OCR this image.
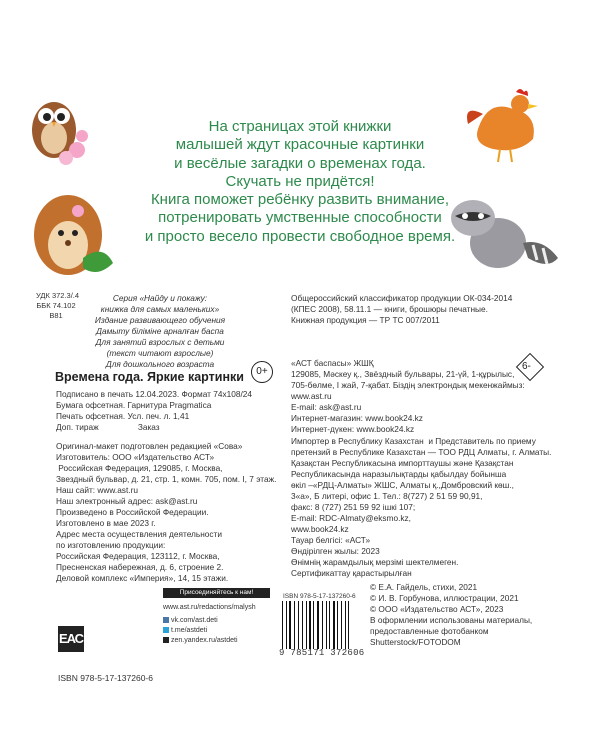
На страницах этой книжки
малышей ждут красочные картинки
и весёлые загадки о временах года.
Скучать не придётся!
Книга поможет ребёнку развить внимание,
потренировать умственные способности
и просто весело провести свободное время.
УДК 372.3/.4
ББК 74.102
В81
Серия «Найду и покажу:
книжка для самых маленьких»
Издание развивающего обучения
Дамыту біліміне арналған баспа
Для занятий взрослых с детьми
(текст читают взрослые)
Для дошкольного возраста
0+
Времена года. Яркие картинки
Подписано в печать 12.04.2023. Формат 74x108/24
Бумага офсетная. Гарнитура Pragmatica
Печать офсетная. Усл. печ. л. 1,41
Доп. тираж                 Заказ
Общероссийский классификатор продукции ОК-034-2014
(КПЕС 2008), 58.11.1 — книги, брошюры печатные.
Книжная продукция — ТР ТС 007/2011
«АСТ баспасы» ЖШҚ
129085, Мәскеу қ., Звёздный бульвары, 21-үй, 1-құрылыс,
705-бөлме, I жай, 7-қабат. Біздің электрондық мекенжаймыз:
www.ast.ru
E-mail: ask@ast.ru
Интернет-магазин: www.book24.kz
Интернет-дүкен: www.book24.kz
6-
Оригинал-макет подготовлен редакцией «Сова»
Изготовитель: ООО «Издательство АСТ»
Российская Федерация, 129085, г. Москва,
Звездный бульвар, д. 21, стр. 1, комн. 705, пом. I, 7 этаж.
Наш сайт: www.ast.ru
Наш электронный адрес: ask@ast.ru
Произведено в Российской Федерации.
Изготовлено в мае 2023 г.
Адрес места осуществления деятельности
по изготовлению продукции:
Российская Федерация, 123112, г. Москва,
Пресненская набережная, д. 6, строение 2.
Деловой комплекс «Империя», 14, 15 этажи.
Импортер в Республику Казахстан  и Представитель по приему
претензий в Республике Казахстан — ТОО РДЦ Алматы, г. Алматы.
Қазақстан Республикасына импорттаушы және Қазақстан
Республикасында наразылықтарды қабылдау бойынша
өкіл –«РДЦ-Алматы» ЖШС, Алматы қ.,Домбровский көш.,
3«а», Б литері, офис 1. Тел.: 8(727) 2 51 59 90,91,
факс: 8 (727) 251 59 92 ішкі 107;
E-mail: RDC-Almaty@eksmo.kz,
www.book24.kz
Тауар белгісі: «АСТ»
Өндірілген жылы: 2023
Өнімнің жарамдылық мерзімі шектелмеген.
Сертификаттау қарастырылған
ЕАС
ISBN 978-5-17-137260-6
Присоединяйтесь к нам!
www.ast.ru/redactions/malysh
vk.com/ast.deti
t.me/astdeti
zen.yandex.ru/astdeti
ISBN 978-5-17-137260-6
9 785171 372606
© Е.А. Гайдель, стихи, 2021
© И. В. Горбунова, иллюстрации, 2021
© ООО «Издательство АСТ», 2023
В оформлении использованы материалы,
предоставленные фотобанком
Shutterstock/FOTODOM
